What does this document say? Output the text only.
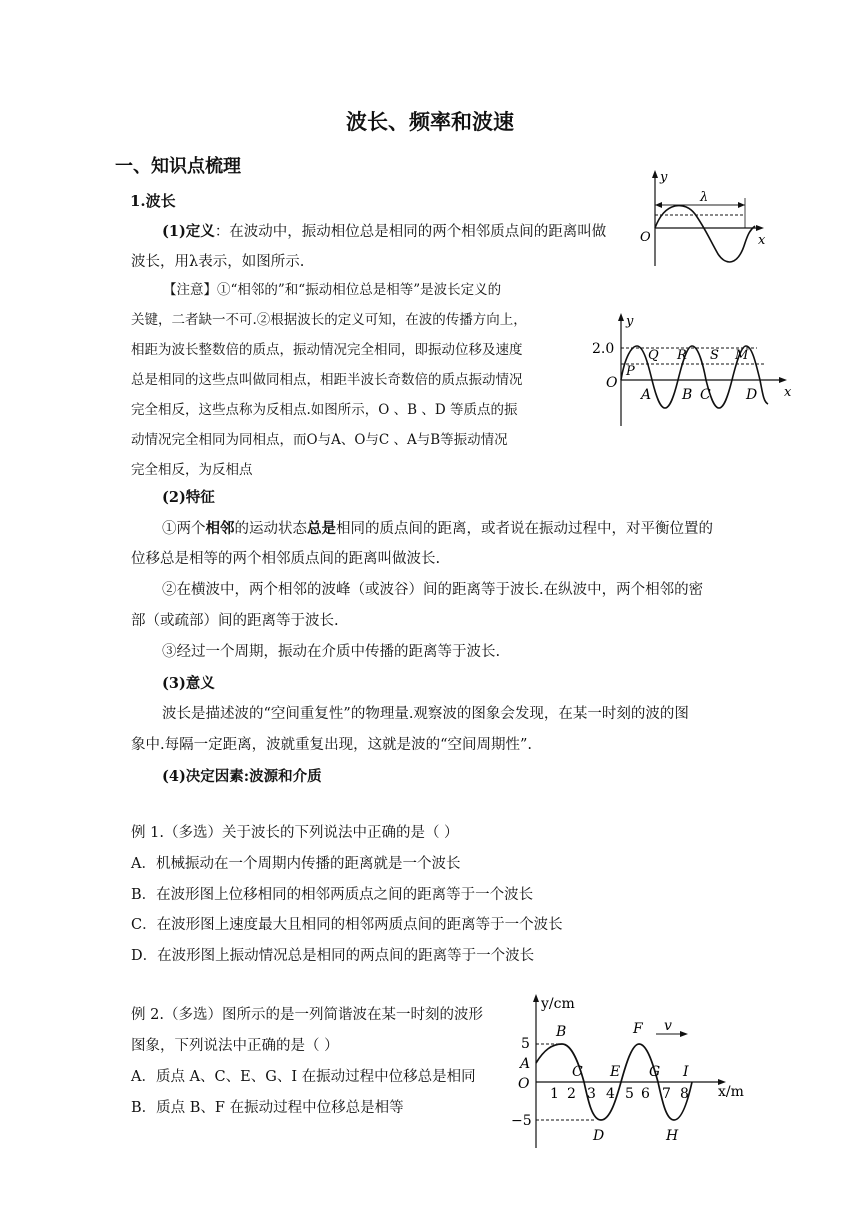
波长、频率和波速
一、知识点梳理
1.波长
(1)定义：在波动中，振动相位总是相同的两个相邻质点间的距离叫做
波长，用λ表示，如图所示.
【注意】①“相邻的”和“振动相位总是相等”是波长定义的
关键，二者缺一不可.②根据波长的定义可知，在波的传播方向上，
相距为波长整数倍的质点，振动情况完全相同，即振动位移及速度
总是相同的这些点叫做同相点，相距半波长奇数倍的质点振动情况
完全相反，这些点称为反相点.如图所示，O 、B 、D 等质点的振
动情况完全相同为同相点，而O与A、O与C 、A与B等振动情况
完全相反，为反相点
(2)特征
①两个相邻的运动状态总是相同的质点间的距离，或者说在振动过程中，对平衡位置的
位移总是相等的两个相邻质点间的距离叫做波长.
②在横波中，两个相邻的波峰（或波谷）间的距离等于波长.在纵波中，两个相邻的密
部（或疏部）间的距离等于波长.
③经过一个周期，振动在介质中传播的距离等于波长.
(3)意义
波长是描述波的“空间重复性”的物理量.观察波的图象会发现，在某一时刻的波的图
象中.每隔一定距离，波就重复出现，这就是波的“空间周期性”.
(4)决定因素:波源和介质
例 1.（多选）关于波长的下列说法中正确的是（ ）
A．机械振动在一个周期内传播的距离就是一个波长
B．在波形图上位移相同的相邻两质点之间的距离等于一个波长
C．在波形图上速度最大且相同的相邻两质点间的距离等于一个波长
D．在波形图上振动情况总是相同的两点间的距离等于一个波长
例 2.（多选）图所示的是一列简谐波在某一时刻的波形
图象，下列说法中正确的是（ ）
A．质点 A、C、E、G、I 在振动过程中位移总是相同
B．质点 B、F 在振动过程中位移总是相等
y
x
O
λ
y
x
O
2.0
P
Q R S M
A B C	D
y/cm
x/m
O
5
−5
1 2 3 4 5 6 7 8
A
B
C
D
E
F
G
H
I
v
